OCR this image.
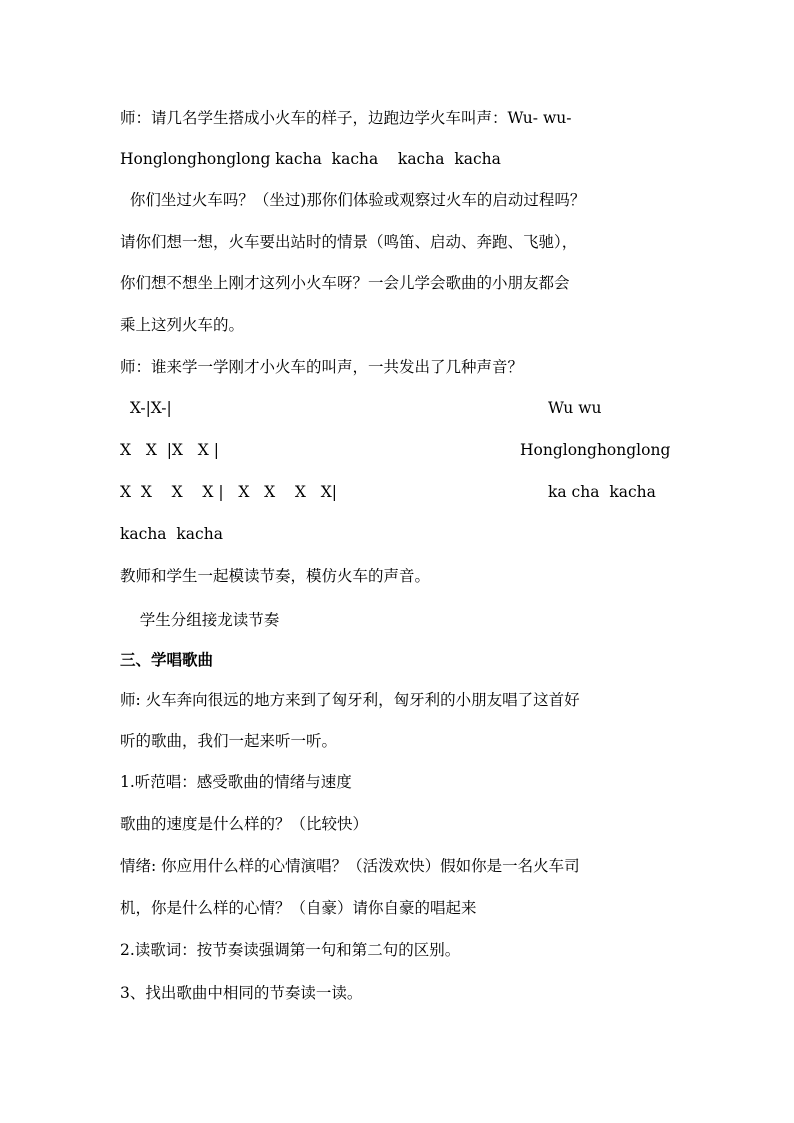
师：请几名学生搭成小火车的样子，边跑边学火车叫声：Wu- wu-
Honglonghonglong kacha  kacha    kacha  kacha
你们坐过火车吗？（坐过)那你们体验或观察过火车的启动过程吗？
请你们想一想，火车要出站时的情景（鸣笛、启动、奔跑、飞驰），
你们想不想坐上刚才这列小火车呀？一会儿学会歌曲的小朋友都会
乘上这列火车的。
师：谁来学一学刚才小火车的叫声，一共发出了几种声音？
X-|X-|	Wu wu
X   X  |X   X |	Honglonghonglong
X  X    X    X |   X   X    X   X|	ka cha  kacha
kacha  kacha
教师和学生一起模读节奏，模仿火车的声音。
学生分组接龙读节奏
三、学唱歌曲
师: 火车奔向很远的地方来到了匈牙利，匈牙利的小朋友唱了这首好
听的歌曲，我们一起来听一听。
1.听范唱：感受歌曲的情绪与速度
歌曲的速度是什么样的？（比较快）
情绪: 你应用什么样的心情演唱？（活泼欢快）假如你是一名火车司
机，你是什么样的心情？（自豪）请你自豪的唱起来
2.读歌词：按节奏读强调第一句和第二句的区别。
3、找出歌曲中相同的节奏读一读。
